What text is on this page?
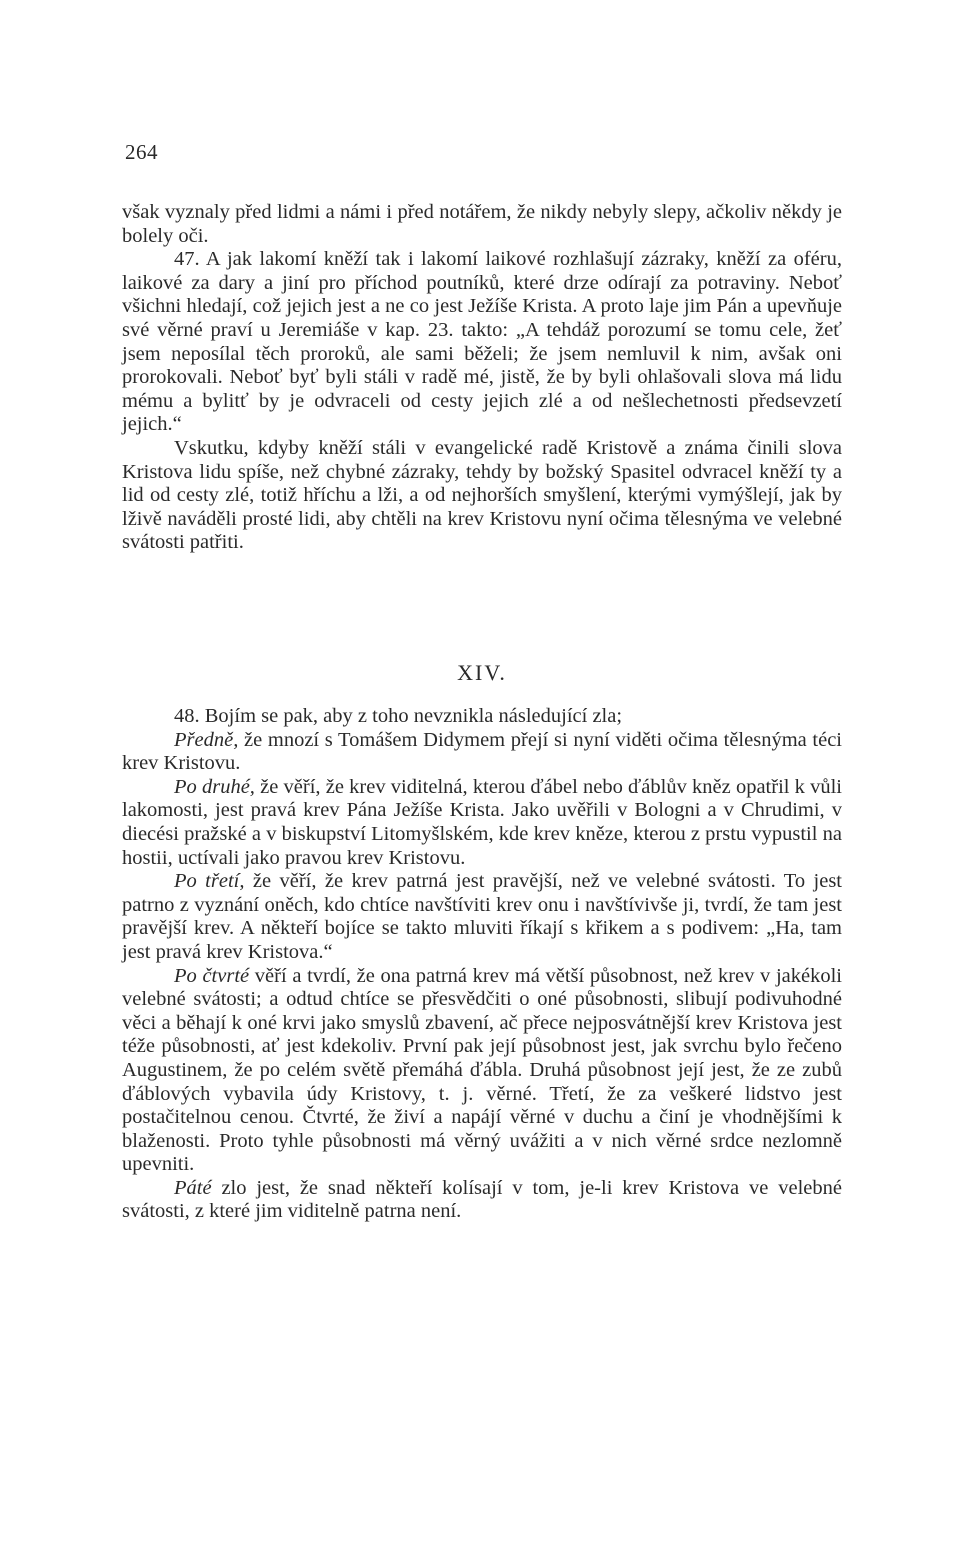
264

však vyznaly před lidmi a námi i před notářem, že nikdy nebyly slepy, ačkoliv někdy je bolely oči.

47. A jak lakomí kněží tak i lakomí laikové rozhlašují zázraky, kněží za oféru, laikové za dary a jiní pro příchod poutníků, které drze odírají za potraviny. Neboť všichni hledají, což jejich jest a ne co jest Ježíše Krista. A proto laje jim Pán a upevňuje své věrné praví u Jeremiáše v kap. 23. takto: „A tehdáž porozumí se tomu cele, žeť jsem neposílal těch proroků, ale sami běželi; že jsem nemluvil k nim, avšak oni prorokovali. Neboť byť byli stáli v radě mé, jistě, že by byli ohlašovali slova má lidu mému a bylitť by je odvraceli od cesty jejich zlé a od nešlechetnosti předsevzetí jejich.“

Vskutku, kdyby kněží stáli v evangelické radě Kristově a známa činili slova Kristova lidu spíše, než chybné zázraky, tehdy by božský Spasitel odvracel kněží ty a lid od cesty zlé, totiž hříchu a lži, a od nejhorších smyšlení, kterými vymýšlejí, jak by lživě naváděli prosté lidi, aby chtěli na krev Kristovu nyní očima tělesnýma ve velebné svátosti patřiti.

XIV.

48. Bojím se pak, aby z toho nevznikla následující zla;

Předně, že mnozí s Tomášem Didymem přejí si nyní viděti očima tělesnýma téci krev Kristovu.

Po druhé, že věří, že krev viditelná, kterou ďábel nebo ďáblův kněz opatřil k vůli lakomosti, jest pravá krev Pána Ježíše Krista. Jako uvěřili v Bologni a v Chrudimi, v diecési pražské a v biskupství Litomyšlském, kde krev kněze, kterou z prstu vypustil na hostii, uctívali jako pravou krev Kristovu.

Po třetí, že věří, že krev patrná jest pravější, než ve velebné svátosti. To jest patrno z vyznání oněch, kdo chtíce navštíviti krev onu i navštívivše ji, tvrdí, že tam jest pravější krev. A někteří bojíce se takto mluviti říkají s křikem a s podivem: „Ha, tam jest pravá krev Kristova.“

Po čtvrté věří a tvrdí, že ona patrná krev má větší působnost, než krev v jakékoli velebné svátosti; a odtud chtíce se přesvědčiti o oné působnosti, slibují podivuhodné věci a běhají k oné krvi jako smyslů zbavení, ač přece nejposvátnější krev Kristova jest téže působnosti, ať jest kdekoliv. První pak její působnost jest, jak svrchu bylo řečeno Augustinem, že po celém světě přemáhá ďábla. Druhá působnost její jest, že ze zubů ďáblových vybavila údy Kristovy, t. j. věrné. Třetí, že za veškeré lidstvo jest postačitelnou cenou. Čtvrté, že živí a napájí věrné v duchu a činí je vhodnějšími k blaženosti. Proto tyhle působnosti má věrný uvážiti a v nich věrné srdce nezlomně upevniti.

Páté zlo jest, že snad někteří kolísají v tom, je-li krev Kristova ve velebné svátosti, z které jim viditelně patrna není.
